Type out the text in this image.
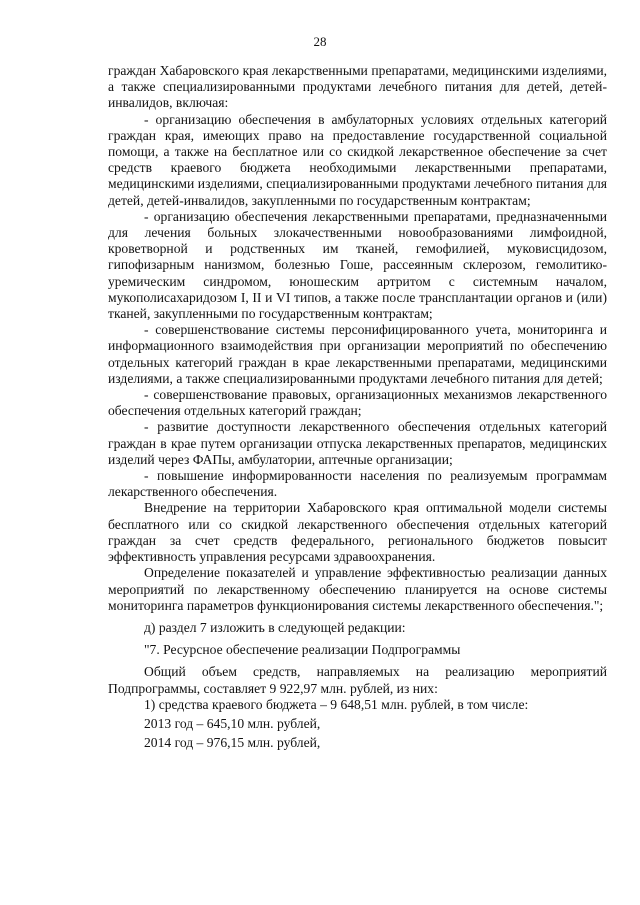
28

граждан Хабаровского края лекарственными препаратами, медицинскими изделиями, а также специализированными продуктами лечебного питания для детей, детей-инвалидов, включая:

- организацию обеспечения в амбулаторных условиях отдельных категорий граждан края, имеющих право на предоставление государственной социальной помощи, а также на бесплатное или со скидкой лекарственное обеспечение за счет средств краевого бюджета необходимыми лекарственными препаратами, медицинскими изделиями, специализированными продуктами лечебного питания для детей, детей-инвалидов, закупленными по государственным контрактам;

- организацию обеспечения лекарственными препаратами, предназначенными для лечения больных злокачественными новообразованиями лимфоидной, кроветворной и родственных им тканей, гемофилией, муковисцидозом, гипофизарным нанизмом, болезнью Гоше, рассеянным склерозом, гемолитико-уремическим синдромом, юношеским артритом с системным началом, мукополисахаридозом I, II и VI типов, а также после трансплантации органов и (или) тканей, закупленными по государственным контрактам;

- совершенствование системы персонифицированного учета, мониторинга и информационного взаимодействия при организации мероприятий по обеспечению отдельных категорий граждан в крае лекарственными препаратами, медицинскими изделиями, а также специализированными продуктами лечебного питания для детей;

- совершенствование правовых, организационных механизмов лекарственного обеспечения отдельных категорий граждан;

- развитие доступности лекарственного обеспечения отдельных категорий граждан в крае путем организации отпуска лекарственных препаратов, медицинских изделий через ФАПы, амбулатории, аптечные организации;

- повышение информированности населения по реализуемым программам лекарственного обеспечения.

Внедрение на территории Хабаровского края оптимальной модели системы бесплатного или со скидкой лекарственного обеспечения отдельных категорий граждан за счет средств федерального, регионального бюджетов повысит эффективность управления ресурсами здравоохранения.

Определение показателей и управление эффективностью реализации данных мероприятий по лекарственному обеспечению планируется на основе системы мониторинга параметров функционирования системы лекарственного обеспечения.";

д) раздел 7 изложить в следующей редакции:

"7. Ресурсное обеспечение реализации Подпрограммы

Общий объем средств, направляемых на реализацию мероприятий Подпрограммы, составляет 9 922,97 млн. рублей, из них:

1) средства краевого бюджета – 9 648,51 млн. рублей, в том числе:

2013 год – 645,10 млн. рублей,

2014 год – 976,15 млн. рублей,
